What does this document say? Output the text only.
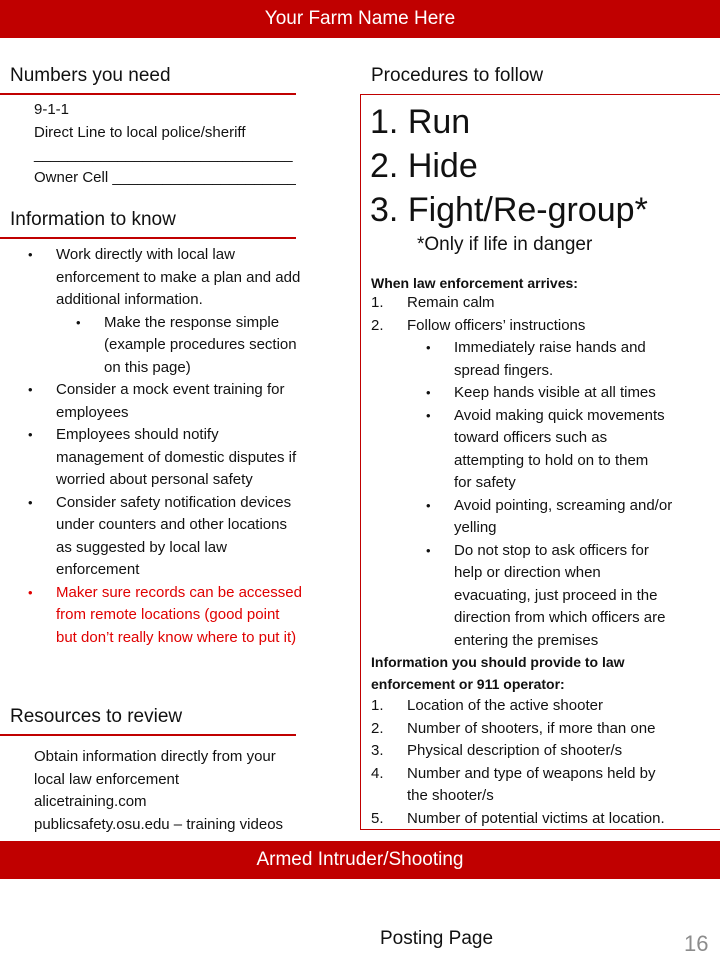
Your Farm Name Here
Numbers you need
9-1-1
Direct Line to local police/sheriff
_______________________________
Owner Cell ______________________
Information to know
• Work directly with local law
enforcement to make a plan and add
additional information.
• Make the response simple
(example procedures section
on this page)
• Consider a mock event training for
employees
• Employees should notify
management of domestic disputes if
worried about personal safety
• Consider safety notification devices
under counters and other locations
as suggested by local law
enforcement
• Maker sure records can be accessed
from remote locations (good point
but don’t really know where to put it)
Resources to review
Obtain information directly from your
local law enforcement
alicetraining.com
publicsafety.osu.edu – training videos
Procedures to follow
1. Run
2. Hide
3. Fight/Re-group*
*Only if life in danger
When law enforcement arrives:
1. Remain calm
2. Follow officers’ instructions
• Immediately raise hands and
spread fingers.
• Keep hands visible at all times
• Avoid making quick movements
toward officers such as
attempting to hold on to them
for safety
• Avoid pointing, screaming and/or
yelling
• Do not stop to ask officers for
help or direction when
evacuating, just proceed in the
direction from which officers are
entering the premises
Information you should provide to law
enforcement or 911 operator:
1. Location of the active shooter
2. Number of shooters, if more than one
3. Physical description of shooter/s
4. Number and type of weapons held by
the shooter/s
5. Number of potential victims at location.
Armed Intruder/Shooting
Posting Page	16
